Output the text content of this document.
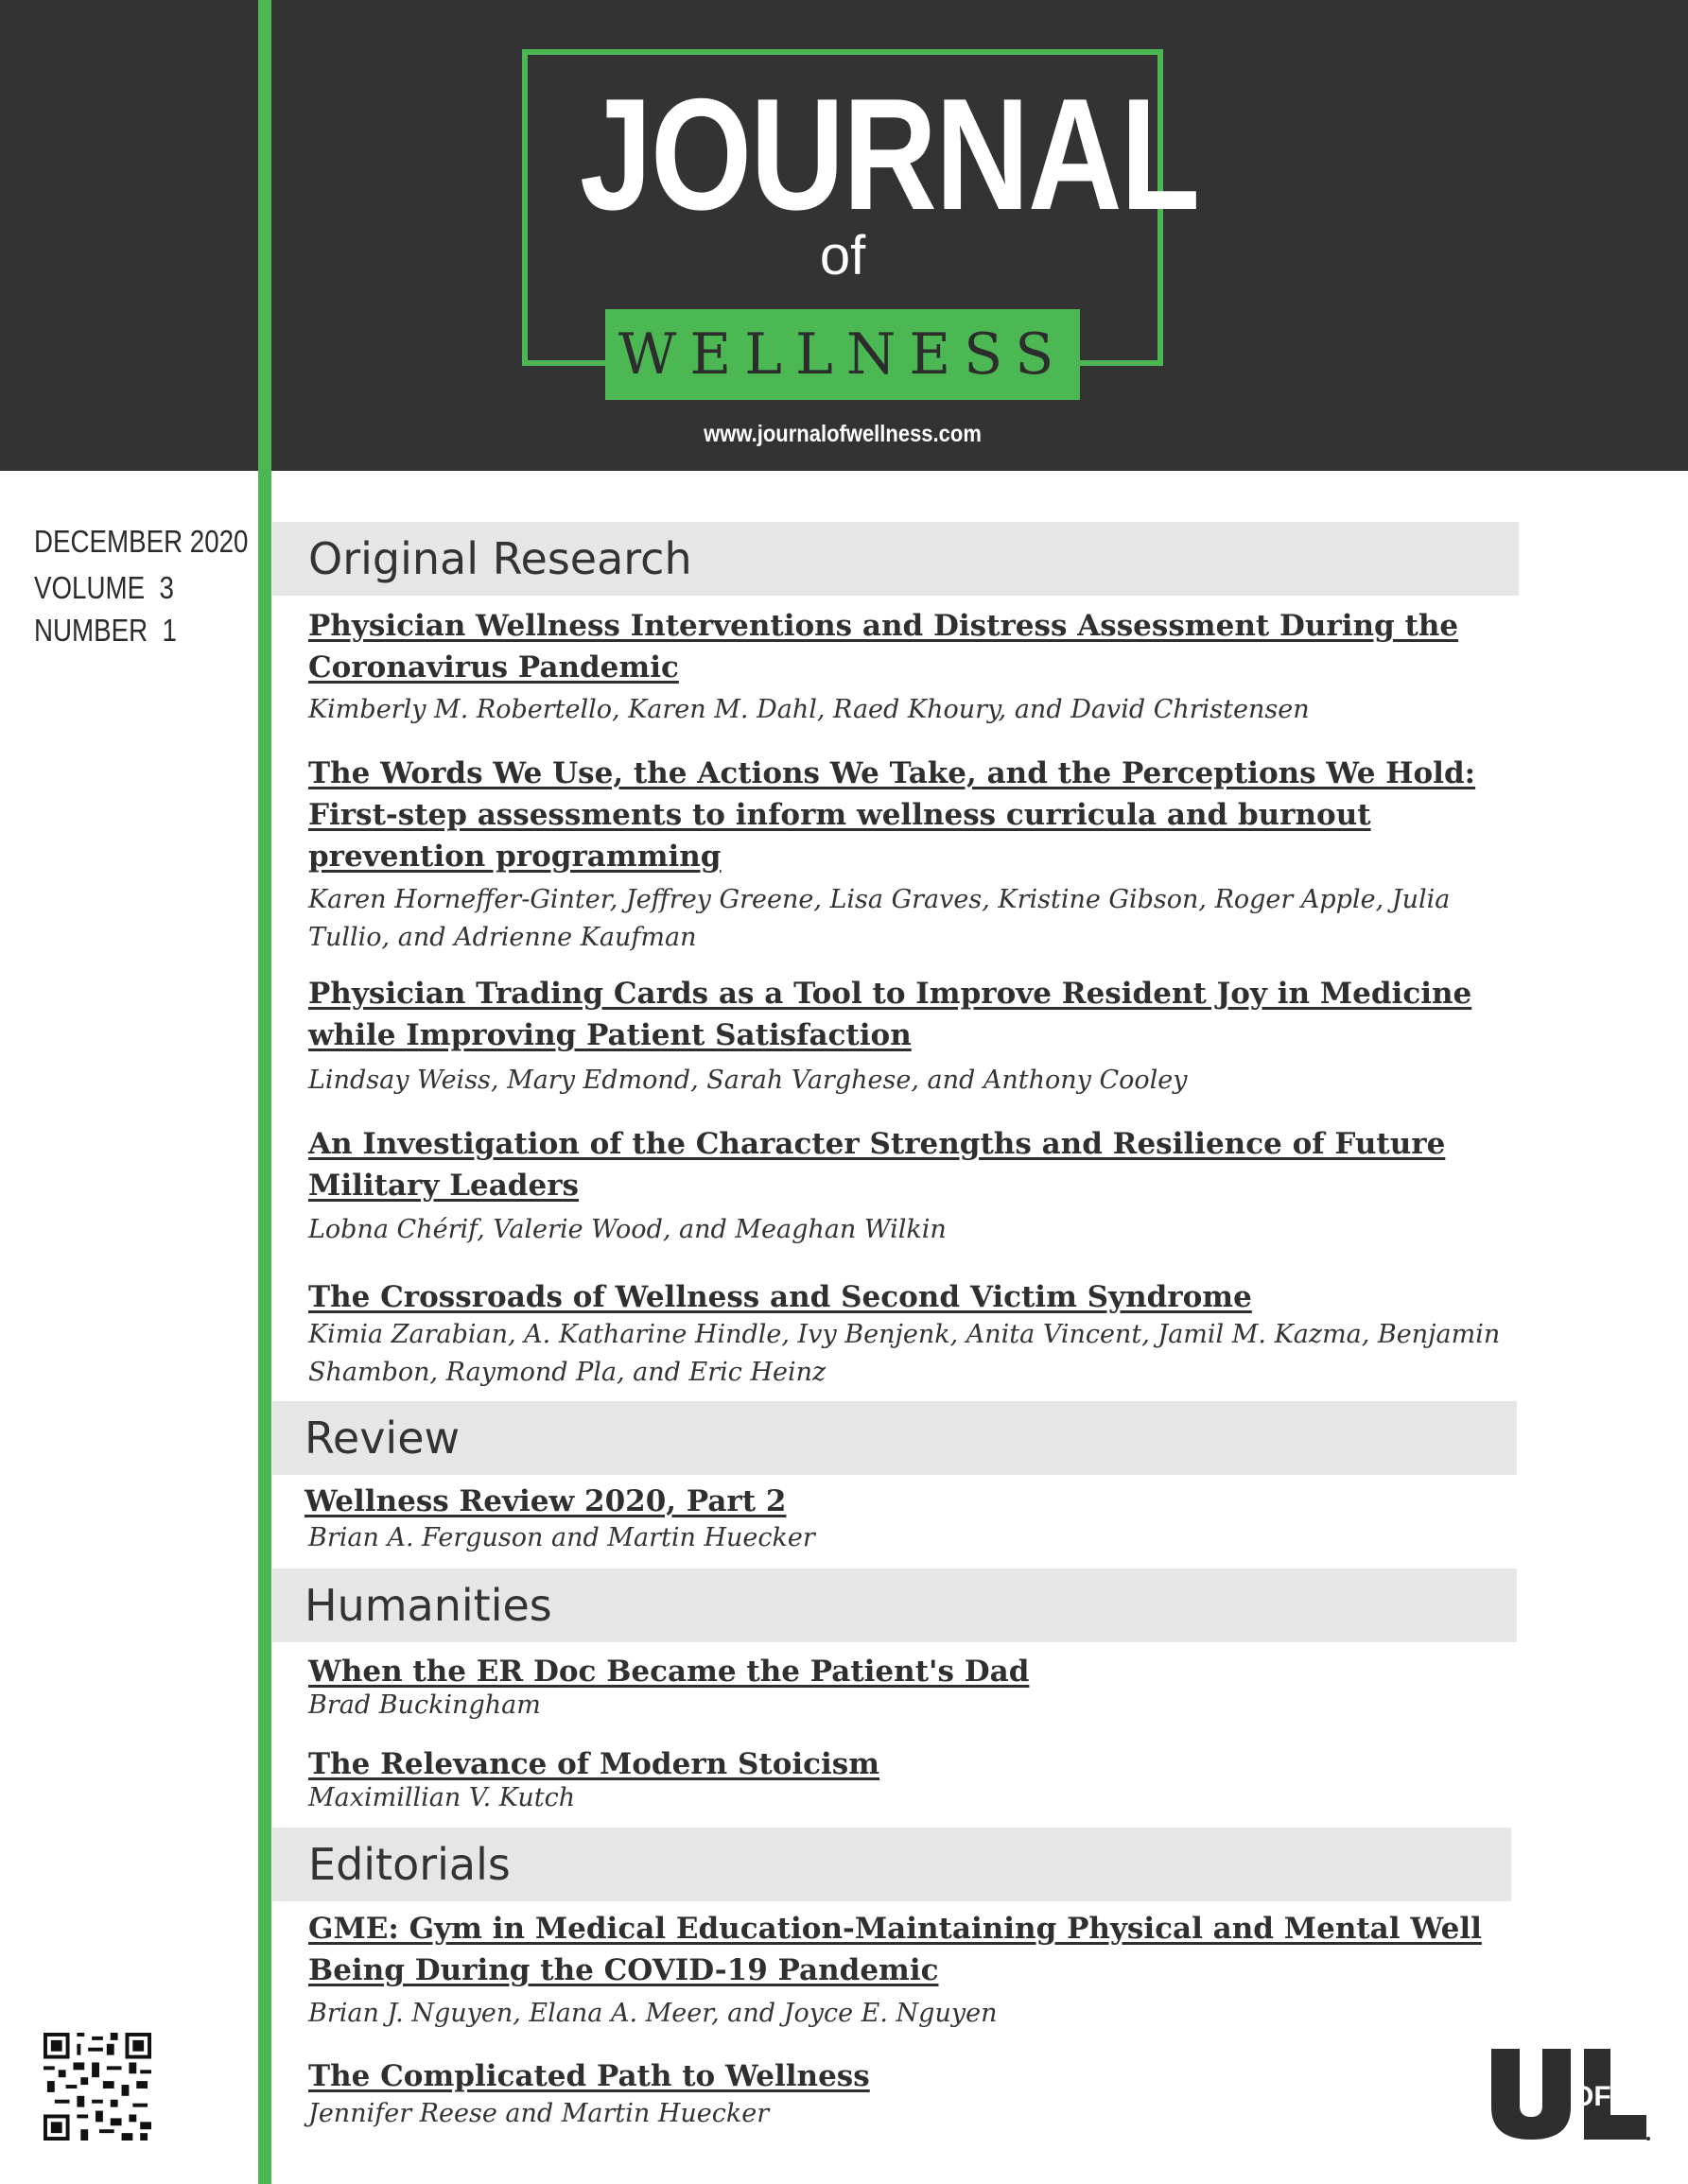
JOURNAL
of
WELLNESS
www.journalofwellness.com
DECEMBER 2020
VOLUME  3
NUMBER  1
Original Research
Physician Wellness Interventions and Distress Assessment During the Coronavirus Pandemic
Kimberly M. Robertello, Karen M. Dahl, Raed Khoury, and David Christensen
The Words We Use, the Actions We Take, and the Perceptions We Hold: First-step assessments to inform wellness curricula and burnout prevention programming
Karen Horneffer-Ginter, Jeffrey Greene, Lisa Graves, Kristine Gibson, Roger Apple, Julia Tullio, and Adrienne Kaufman
Physician Trading Cards as a Tool to Improve Resident Joy in Medicine while Improving Patient Satisfaction
Lindsay Weiss, Mary Edmond, Sarah Varghese, and Anthony Cooley
An Investigation of the Character Strengths and Resilience of Future Military Leaders
Lobna Chérif, Valerie Wood, and Meaghan Wilkin
The Crossroads of Wellness and Second Victim Syndrome
Kimia Zarabian, A. Katharine Hindle, Ivy Benjenk, Anita Vincent, Jamil M. Kazma, Benjamin Shambon, Raymond Pla, and Eric Heinz
Review
Wellness Review 2020, Part 2
Brian A. Ferguson and Martin Huecker
Humanities
When the ER Doc Became the Patient's Dad
Brad Buckingham
The Relevance of Modern Stoicism
Maximillian V. Kutch
Editorials
GME: Gym in Medical Education-Maintaining Physical and Mental Well Being During the COVID-19 Pandemic
Brian J. Nguyen, Elana A. Meer, and Joyce E. Nguyen
The Complicated Path to Wellness
Jennifer Reese and Martin Huecker
OF
